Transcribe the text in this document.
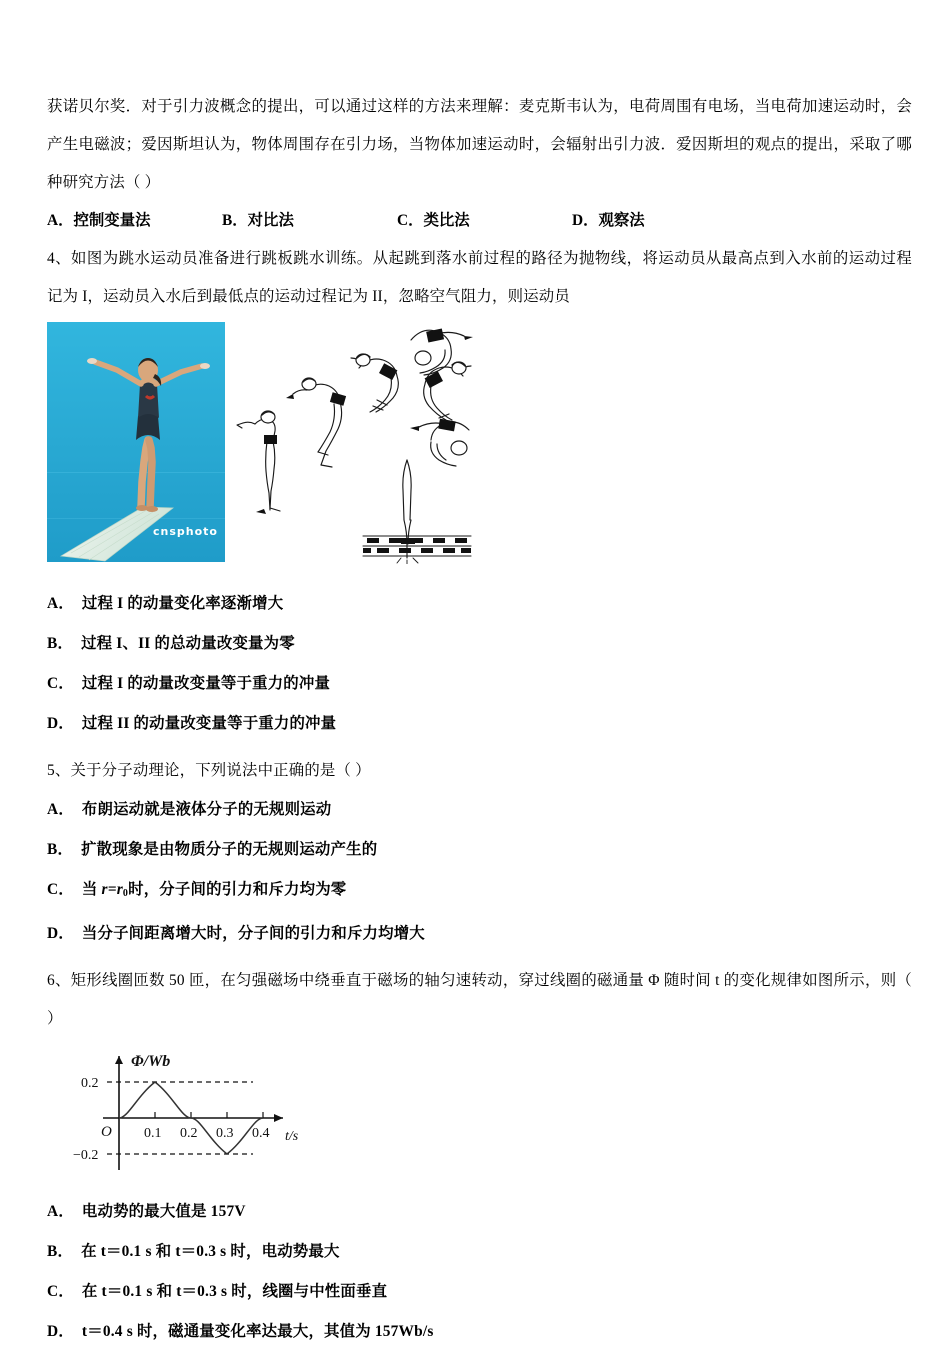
获诺贝尔奖．对于引力波概念的提出，可以通过这样的方法来理解：麦克斯韦认为，电荷周围有电场，当电荷加速运动时，会产生电磁波；爱因斯坦认为，物体周围存在引力场，当物体加速运动时，会辐射出引力波．爱因斯坦的观点的提出，采取了哪种研究方法（ ）
A．控制变量法	B．对比法	C．类比法	D．观察法
4、如图为跳水运动员准备进行跳板跳水训练。从起跳到落水前过程的路径为抛物线，将运动员从最高点到入水前的运动过程记为 I，运动员入水后到最低点的运动过程记为 II，忽略空气阻力，则运动员
cnsphoto
A． 过程 I 的动量变化率逐渐增大
B． 过程 I、II 的总动量改变量为零
C． 过程 I 的动量改变量等于重力的冲量
D． 过程 II 的动量改变量等于重力的冲量
5、关于分子动理论，下列说法中正确的是（ ）
A． 布朗运动就是液体分子的无规则运动
B． 扩散现象是由物质分子的无规则运动产生的
C． 当 $r=r_0$时，分子间的引力和斥力均为零
D． 当分子间距离增大时，分子间的引力和斥力均增大
6、矩形线圈匝数 50 匝，在匀强磁场中绕垂直于磁场的轴匀速转动，穿过线圈的磁通量 Φ 随时间 t 的变化规律如图所示，则（ ）
Φ/Wb
0.2
−0.2
O 0.1 0.2 0.3 0.4 t/s
A． 电动势的最大值是 157V
B． 在 t＝0.1 s 和 t＝0.3 s 时，电动势最大
C． 在 t＝0.1 s 和 t＝0.3 s 时，线圈与中性面垂直
D． t＝0.4 s 时，磁通量变化率达最大，其值为 157Wb/s
